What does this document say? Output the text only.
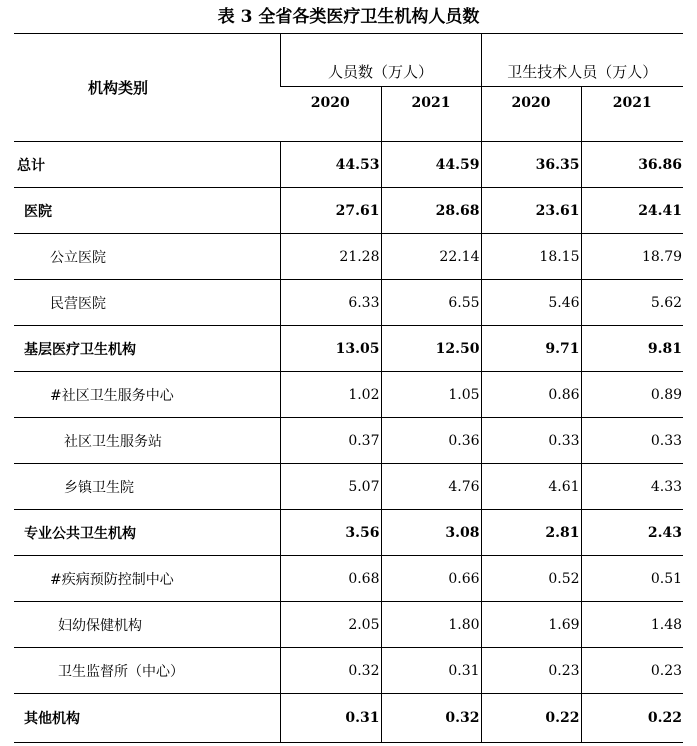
表 3 全省各类医疗卫生机构人员数
机构类别	人员数（万人）		卫生技术人员（万人）	
	2020	2021	2020	2021
总计	44.53	44.59	36.35	36.86
医院	27.61	28.68	23.61	24.41
公立医院	21.28	22.14	18.15	18.79
民营医院	6.33	6.55	5.46	5.62
基层医疗卫生机构	13.05	12.50	9.71	9.81
#社区卫生服务中心	1.02	1.05	0.86	0.89
社区卫生服务站	0.37	0.36	0.33	0.33
乡镇卫生院	5.07	4.76	4.61	4.33
专业公共卫生机构	3.56	3.08	2.81	2.43
#疾病预防控制中心	0.68	0.66	0.52	0.51
妇幼保健机构	2.05	1.80	1.69	1.48
卫生监督所（中心）	0.32	0.31	0.23	0.23
其他机构	0.31	0.32	0.22	0.22
